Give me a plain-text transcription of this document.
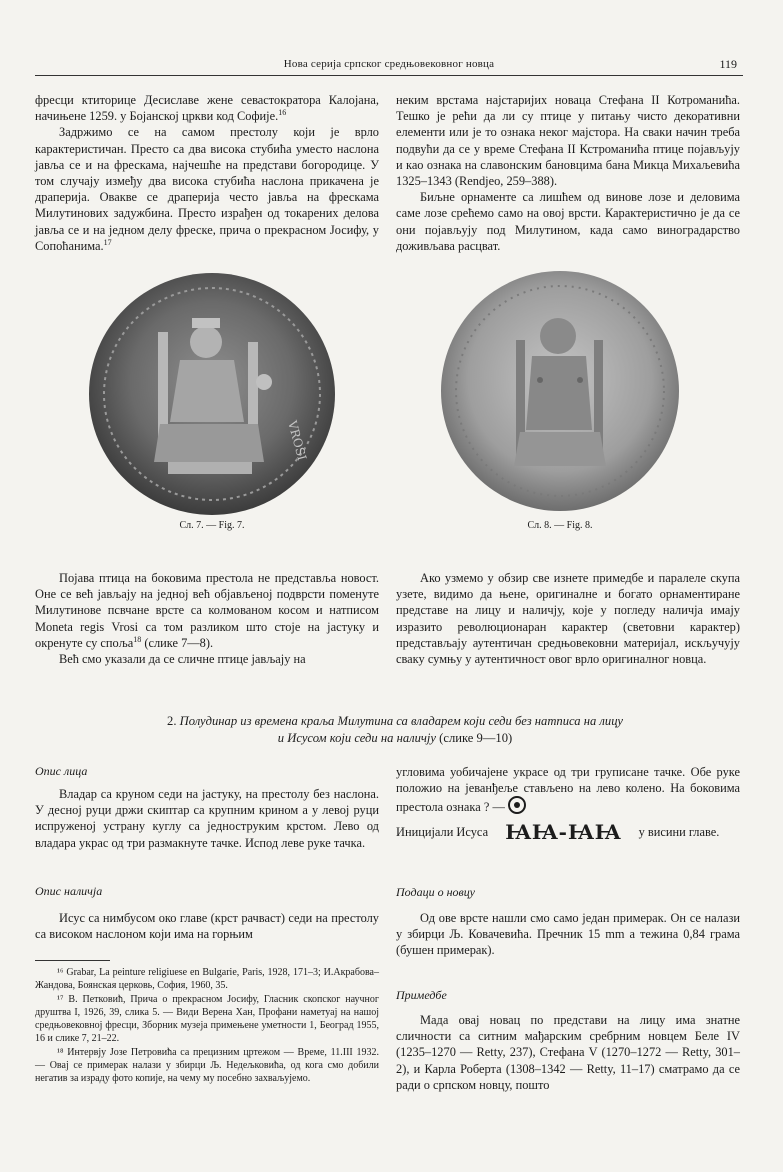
Нова серија српског средњовековног новца	119

фресци ктиторице Десиславе жене севастократора Калојана, начињене 1259. у Бојанској цркви код Софије.$^{16}$

Задржимо се на самом престолу који је врло карактеристичан. Престо са два висока стубића уместо наслона јавља се и на фрескама, најчешће на представи богородице. У том случају између два висока стубића наслона прикачена је драперија. Овакве се драперија често јавља на фрескама Милутинових задужбина. Престо израђен од токарених делова јавља се и на једном делу фреске, прича о прекрасном Јосифу, у Сопоћанима.$^{17}$

неким врстама најстаријих новаца Стефана II Котроманића. Тешко је рећи да ли су птице у питању чисто декоративни елементи или је то ознака неког мајстора. На сваки начин треба подвући да се у време Стефана II Кстроманића птице појављују и као ознака на славонским бановцима бана Микца Михаљевића 1325–1343 (Rendjeo, 259–388).

Биљне орнаменте са лишћем од винове лозе и деловима саме лозе срећемо само на овој врсти. Карактеристично је да се они појављују под Милутином, када само виноградарство доживљава расцват.

VROSI
Сл. 7. — Fig. 7.	Сл. 8. — Fig. 8.

Појава птица на боковима престола не представља новост. Оне се већ јављају на једној већ објављеној подврсти поменуте Милутинове псвчане врсте са колмованом косом и натписом Moneta regis Vrosi са том разликом што стоје на јастуку и окренуте су споља$^{18}$ (слике 7—8).

Већ смо указали да се сличне птице јављају на

Ако узмемо у обзир све изнете примедбе и паралеле скупа узете, видимо да њене, оригиналне и богато орнаментиране представе на лицу и наличју, које у погледу наличја имају изразито революционаран карактер (световни карактер) представљају аутентичан средњовековни материјал, искључују сваку сумњу у аутентичност овог врло оригиналног новца.

2. Полудинар из времена краља Милутина са владарем који седи без натписа на лицу
и Исусом који седи на наличју (слике 9—10)
Опис лица

Владар са круном седи на јастуку, на престолу без наслона. У десној руци држи скиптар са крупним крином а у левој руци испруженој устрану куглу са једноструким крстом. Лево од владара украс од три размакнуте тачке. Испод леве руке тачка.

Опис наличја

Исус са нимбусом око главе (крст рачваст) седи на престолу са високом наслоном који има на горњим

¹⁶ Grabar, La peinture religiuese en Bulgarie, Paris, 1928, 171–3; И.Акрабова–Жандова, Боянская церковь, София, 1960, 35.

¹⁷ В. Петковић, Прича о прекрасном Јосифу, Гласник скопског научног друштва I, 1926, 39, слика 5. — Види Верена Хан, Профани наметуај на нашој средњовековној фресци, Зборник музеја примењене уметности 1, Београд 1955, 16 и слике 7, 21–22.

¹⁸ Интервју Јозе Петровића са прецизним цртежом — Време, 11.III 1932. — Овај се примерак налази у збирци Љ. Недељковића, од кога смо добили негатив за израду фото копије, на чему му посебно захваљујемо.

угловима уобичајене украсе од три груписане тачке. Обе руке положио на јеванђеље стављено на лево колено. На боковима престола ознака ? —

Иницијали Исуса ꙖꙖ-ꙖꙖ у висини главе.

Подаци о новцу

Од ове врсте нашли смо само један примерак. Он се налази у збирци Љ. Ковачевића. Пречник 15 mm а тежина 0,84 грама (бушен примерак).

Примедбе

Мада овај новац по представи на лицу има знатне сличности са ситним мађарским сребрним новцем Беле IV (1235–1270 — Retty, 237), Стефана V (1270–1272 — Retty, 301–2), и Карла Роберта (1308–1342 — Retty, 11–17) сматрамо да се ради о српском новцу, пошто
